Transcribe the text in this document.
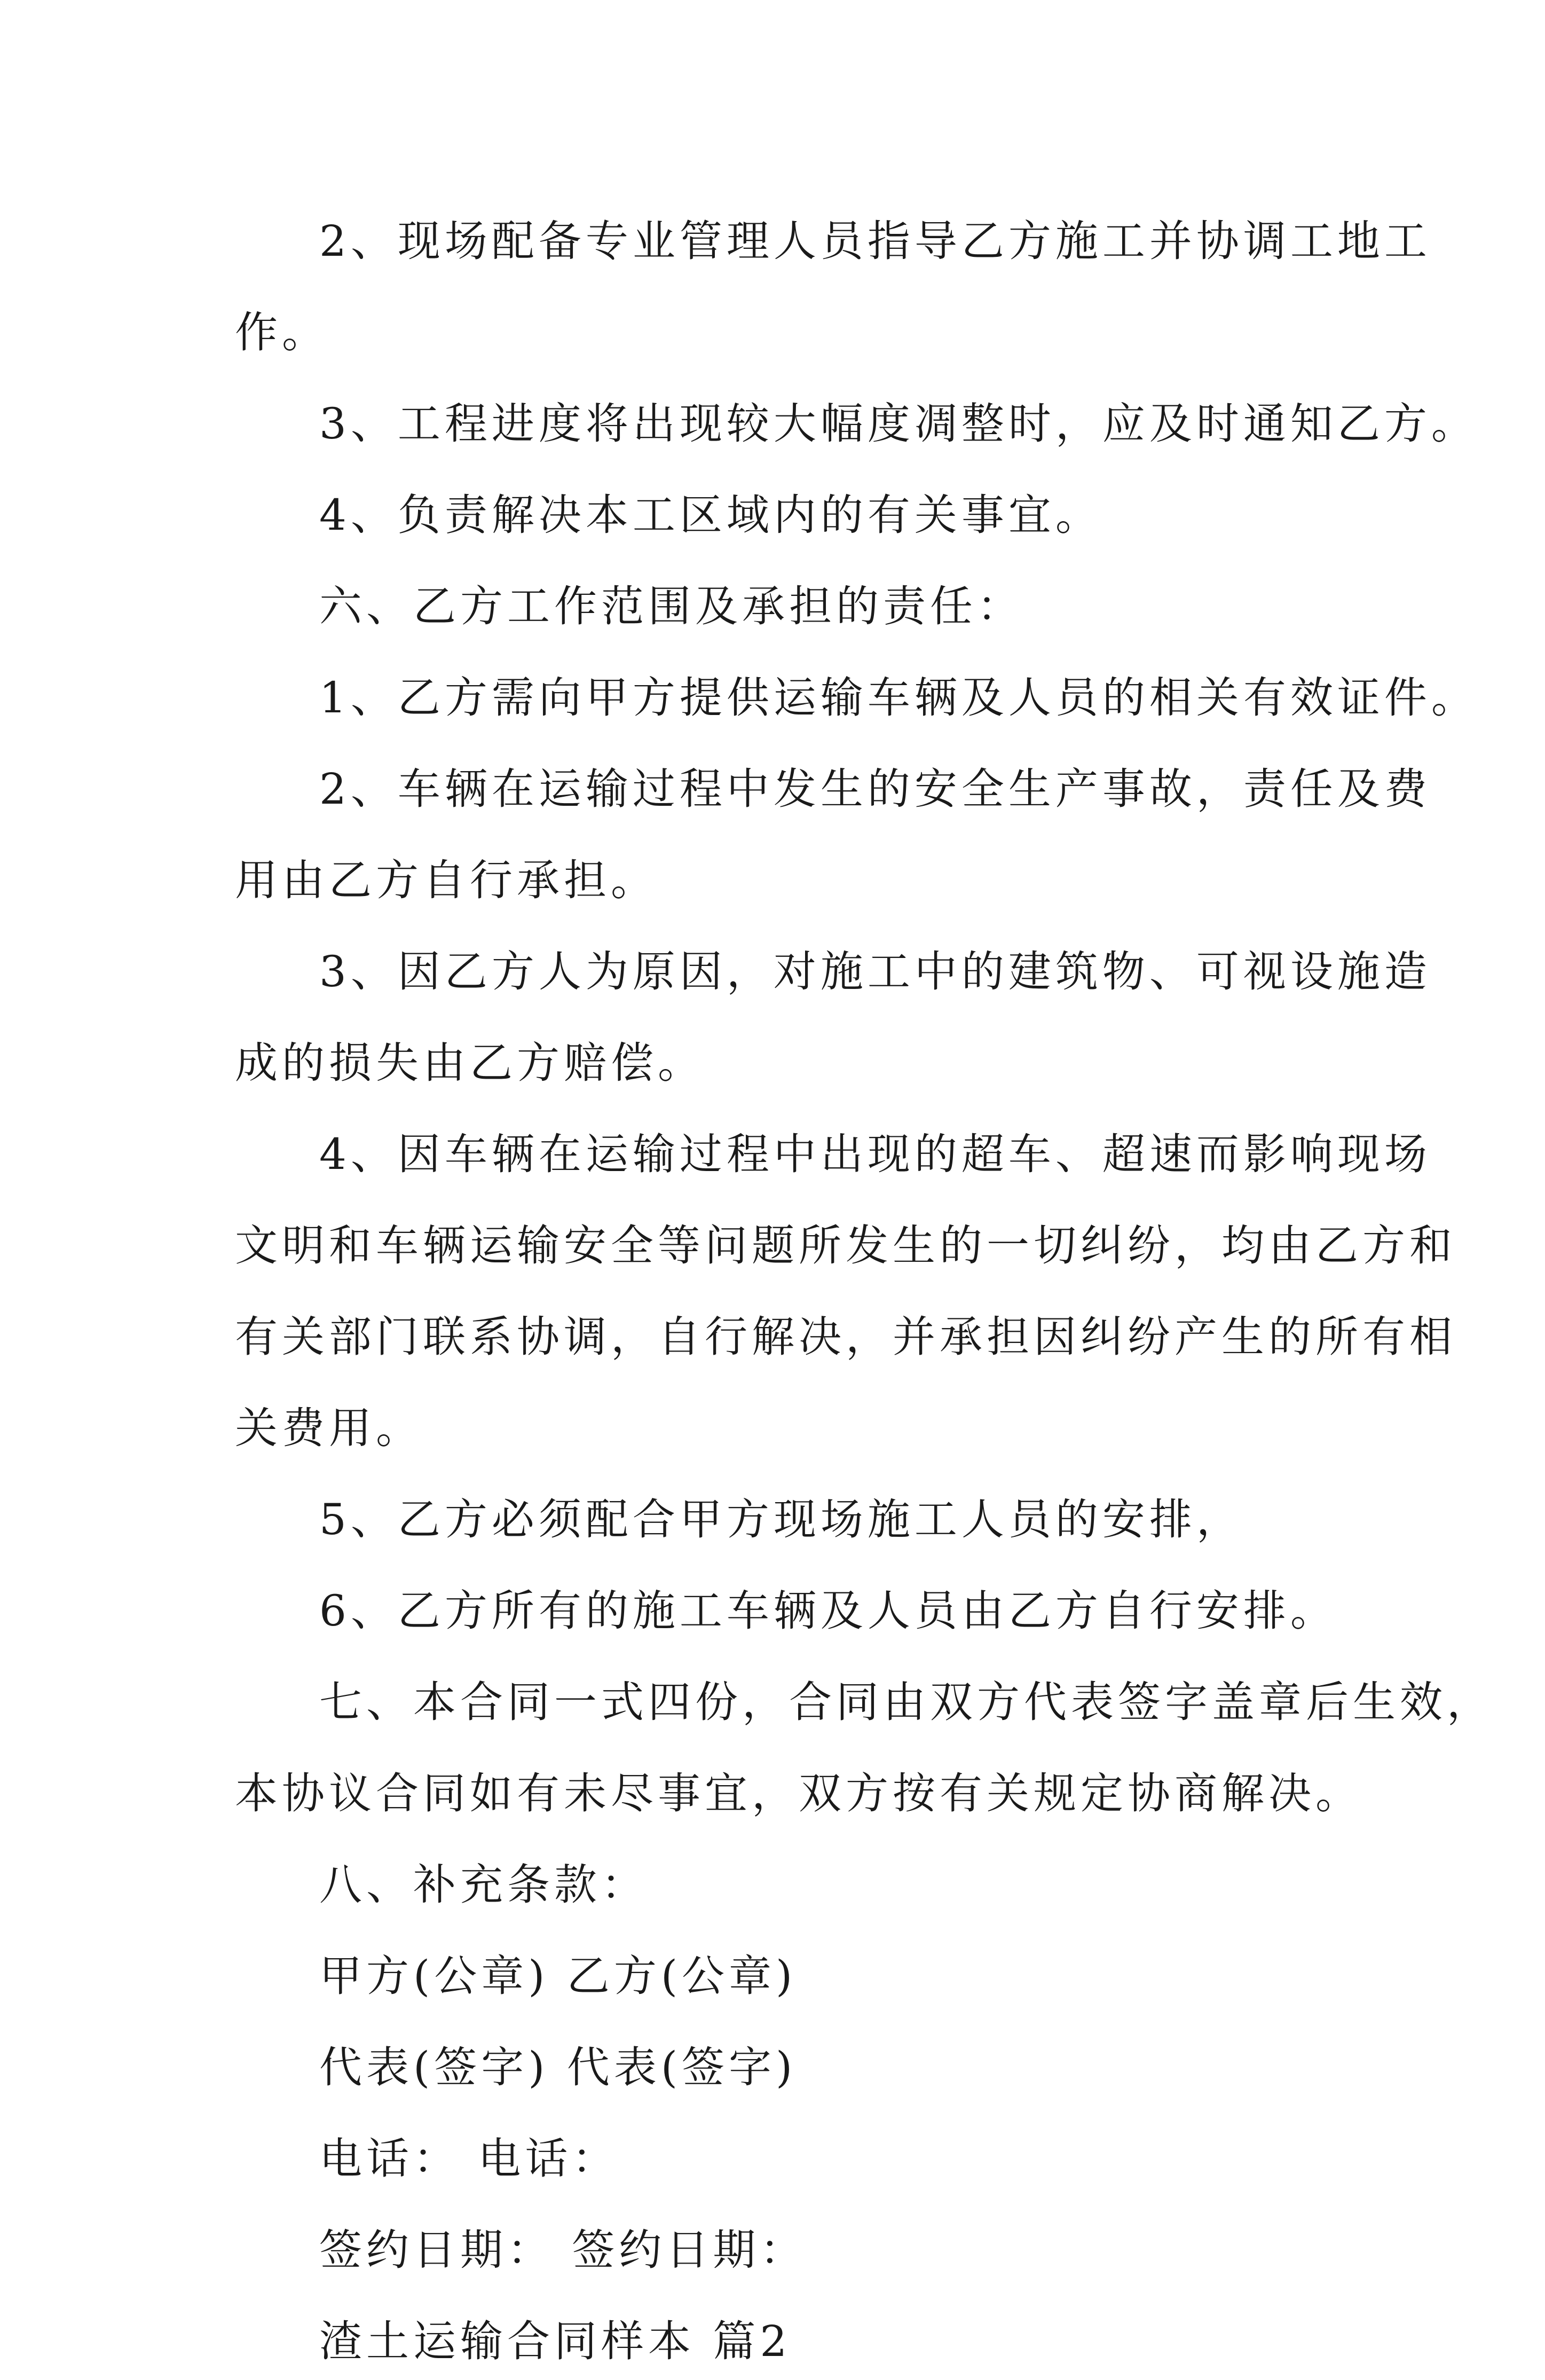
2、现场配备专业管理人员指导乙方施工并协调工地工
作。
3、工程进度将出现较大幅度凋整时，应及时通知乙方。
4、负责解决本工区域内的有关事宜。
六、乙方工作范围及承担的责任：
1、乙方需向甲方提供运输车辆及人员的相关有效证件。
2、车辆在运输过程中发生的安全生产事故，责任及费
用由乙方自行承担。
3、因乙方人为原因，对施工中的建筑物、可视设施造
成的损失由乙方赔偿。
4、因车辆在运输过程中出现的超车、超速而影响现场
文明和车辆运输安全等问题所发生的一切纠纷，均由乙方和
有关部门联系协调，自行解决，并承担因纠纷产生的所有相
关费用。
5、乙方必须配合甲方现场施工人员的安排，
6、乙方所有的施工车辆及人员由乙方自行安排。
七、本合同一式四份，合同由双方代表签字盖章后生效，
本协议合同如有未尽事宜，双方按有关规定协商解决。
八、补充条款：
甲方(公章) 乙方(公章)
代表(签字) 代表(签字)
电话： 电话：
签约日期： 签约日期：
渣土运输合同样本 篇2
